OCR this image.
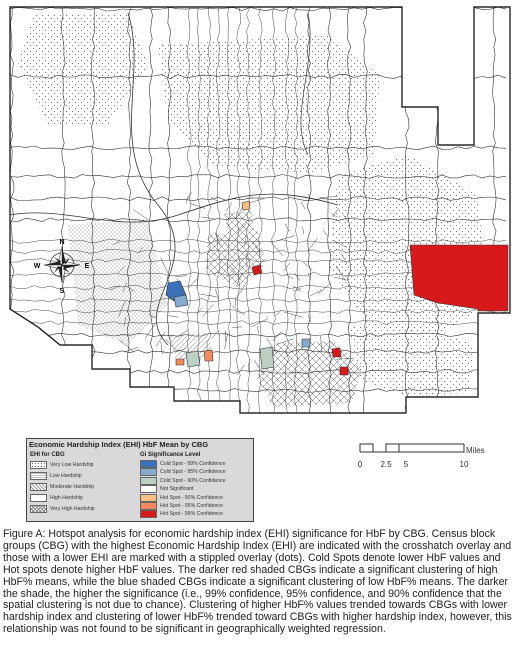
N
S
E
W
Economic Hardship Index (EHI) HbF Mean by CBG
EHI for CBG	Gi Significance Level
Very Low Hardship
Low Hardship
Moderate Hardship
High Hardship
Very High Hardship
Cold Spot - 99% Confidence
Cold Spot - 95% Confidence
Cold Spot - 90% Confidence
Not Significant
Hot Spot - 90% Confidence
Hot Spot - 95% Confidence
Hot Spot - 99% Confidence
Miles
0 2.5 5	10

Figure A: Hotspot analysis for economic hardship index (EHI) significance for HbF by CBG. Census block groups (CBG) with the highest Economic Hardship Index (EHI) are indicated with the crosshatch overlay and those with a lower EHI are marked with a stippled overlay (dots). Cold Spots denote lower HbF values and Hot spots denote higher HbF values. The darker red shaded CBGs indicate a significant clustering of high HbF% means, while the blue shaded CBGs indicate a significant clustering of low HbF% means. The darker the shade, the higher the significance (i.e., 99% confidence, 95% confidence, and 90% confidence that the spatial clustering is not due to chance). Clustering of higher HbF% values trended towards CBGs with lower hardship index and clustering of lower HbF% trended toward CBGs with higher hardship index, however, this relationship was not found to be significant in geographically weighted regression.
